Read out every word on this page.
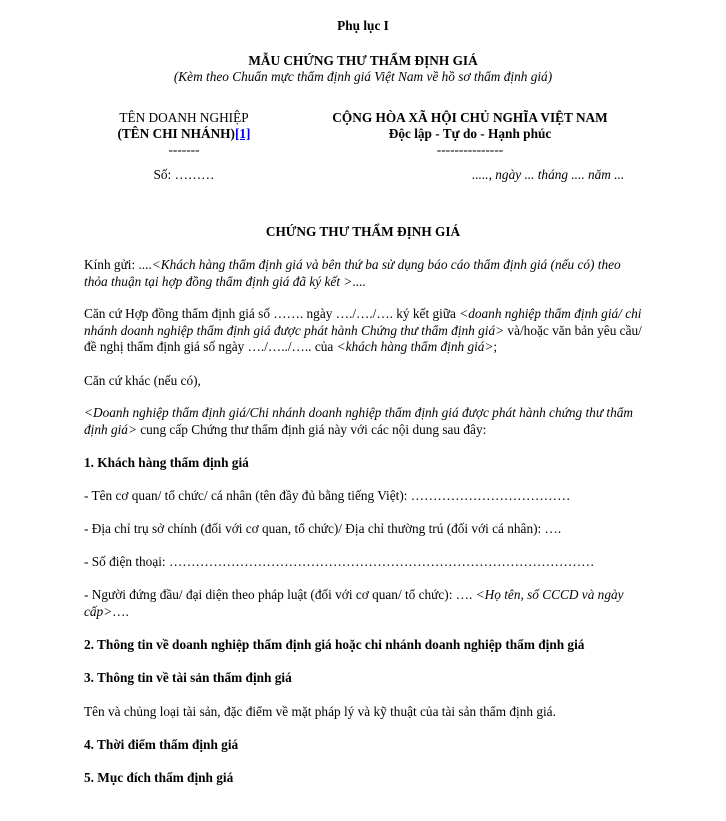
Phụ lục I
MẪU CHỨNG THƯ THẨM ĐỊNH GIÁ
(Kèm theo Chuẩn mực thẩm định giá Việt Nam về hồ sơ thẩm định giá)
TÊN DOANH NGHIỆP
(TÊN CHI NHÁNH)[1]
-------
Số: ………
CỘNG HÒA XÃ HỘI CHỦ NGHĨA VIỆT NAM
Độc lập - Tự do - Hạnh phúc
---------------
....., ngày ... tháng .... năm ...
CHỨNG THƯ THẨM ĐỊNH GIÁ
Kính gửi: ....<Khách hàng thẩm định giá và bên thứ ba sử dụng báo cáo thẩm định giá (nếu có) theo thỏa thuận tại hợp đồng thẩm định giá đã ký kết >....
Căn cứ Hợp đồng thẩm định giá số ……. ngày …./…./…. ký kết giữa <doanh nghiệp thẩm định giá/ chi nhánh doanh nghiệp thẩm định giá được phát hành Chứng thư thẩm định giá> và/hoặc văn bản yêu cầu/ đề nghị thẩm định giá số ngày …./…../….. của <khách hàng thẩm định giá>;
Căn cứ khác (nếu có),
<Doanh nghiệp thẩm định giá/Chi nhánh doanh nghiệp thẩm định giá được phát hành chứng thư thẩm định giá> cung cấp Chứng thư thẩm định giá này với các nội dung sau đây:
1. Khách hàng thẩm định giá
- Tên cơ quan/ tổ chức/ cá nhân (tên đầy đủ bằng tiếng Việt): ………………………………
- Địa chỉ trụ sở chính (đối với cơ quan, tổ chức)/ Địa chỉ thường trú (đối với cá nhân): ….
- Số điện thoại: ……………………………………………………………………………………
- Người đứng đầu/ đại diện theo pháp luật (đối với cơ quan/ tổ chức): …. <Họ tên, số CCCD và ngày cấp>….
2. Thông tin về doanh nghiệp thẩm định giá hoặc chi nhánh doanh nghiệp thẩm định giá
3. Thông tin về tài sản thẩm định giá
Tên và chủng loại tài sản, đặc điểm về mặt pháp lý và kỹ thuật của tài sản thẩm định giá.
4. Thời điểm thẩm định giá
5. Mục đích thẩm định giá
